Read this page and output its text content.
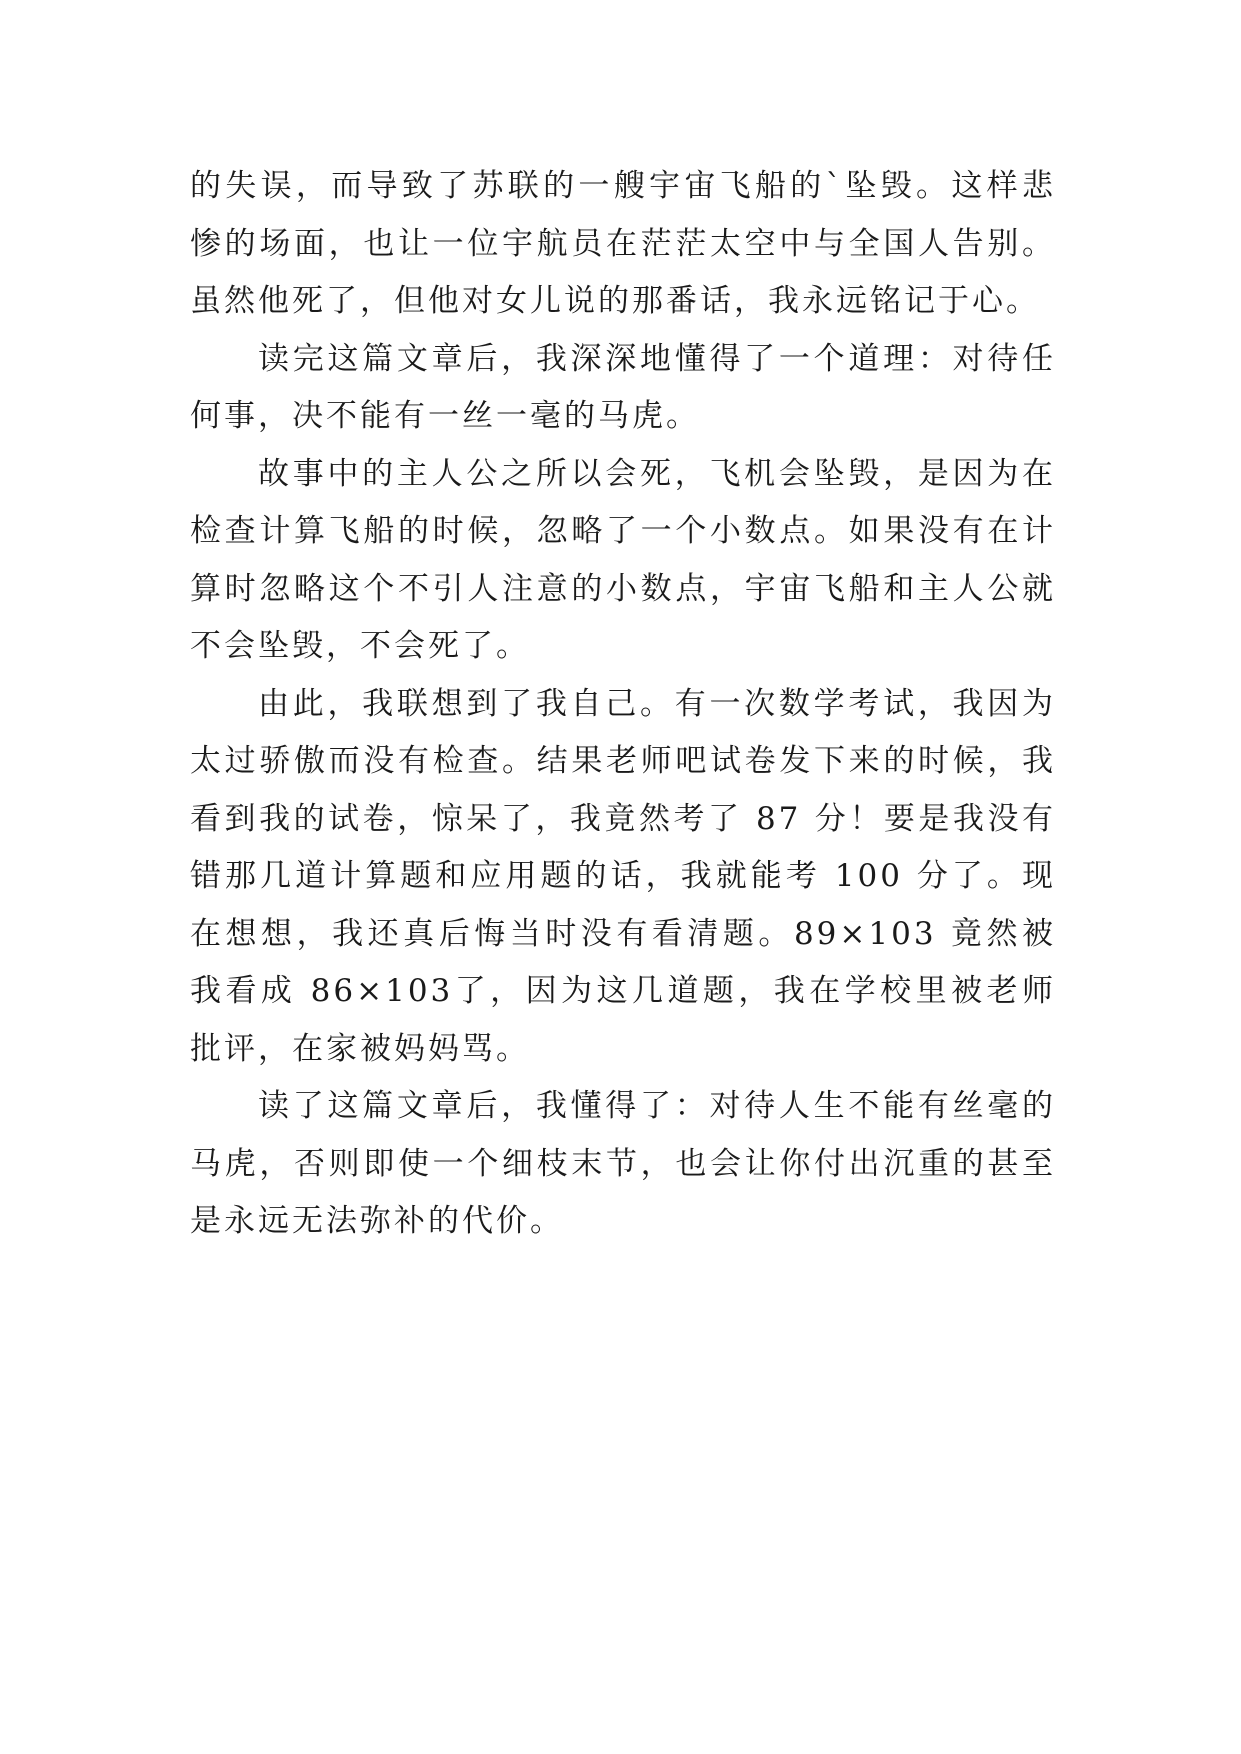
的失误，而导致了苏联的一艘宇宙飞船的`坠毁。这样悲惨的场面，也让一位宇航员在茫茫太空中与全国人告别。虽然他死了，但他对女儿说的那番话，我永远铭记于心。

读完这篇文章后，我深深地懂得了一个道理：对待任何事，决不能有一丝一毫的马虎。

故事中的主人公之所以会死，飞机会坠毁，是因为在检查计算飞船的时候，忽略了一个小数点。如果没有在计算时忽略这个不引人注意的小数点，宇宙飞船和主人公就不会坠毁，不会死了。

由此，我联想到了我自己。有一次数学考试，我因为太过骄傲而没有检查。结果老师吧试卷发下来的时候，我看到我的试卷，惊呆了，我竟然考了 87 分！要是我没有错那几道计算题和应用题的话，我就能考 100 分了。现在想想，我还真后悔当时没有看清题。89×103 竟然被我看成 86×103了，因为这几道题，我在学校里被老师批评，在家被妈妈骂。

读了这篇文章后，我懂得了：对待人生不能有丝毫的马虎，否则即使一个细枝末节，也会让你付出沉重的甚至是永远无法弥补的代价。
